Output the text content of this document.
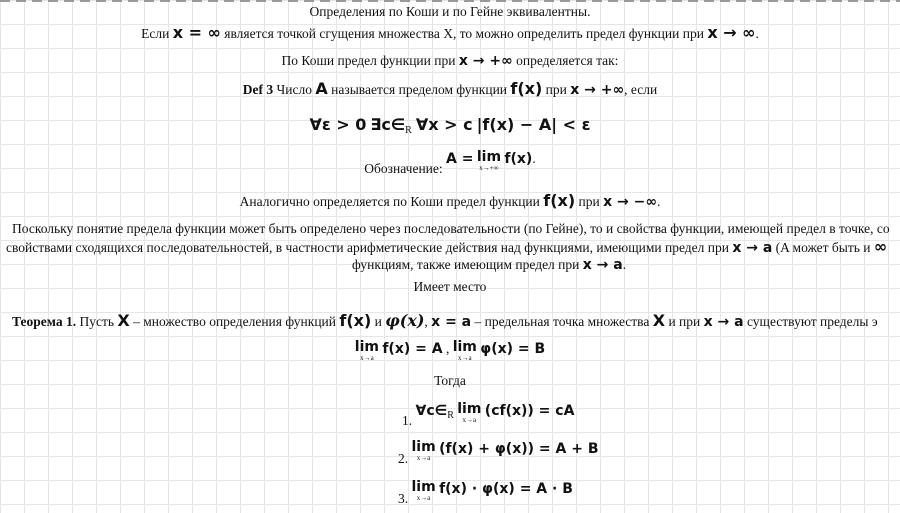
Определения по Коши и по Гейне эквивалентны.
Если x = ∞ является точкой сгущения множества X, то можно определить предел функции при x → ∞.
По Коши предел функции при x → +∞ определяется так:
Def 3 Число A называется пределом функции f(x) при x → +∞, если
∀ε > 0 $\exists c\in_R$ ∀x > c |f(x) − A| < ε
Обозначение: A = lim
x→+∞
f(x).
Аналогично определяется по Коши предел функции f(x) при x → −∞.
Поскольку понятие предела функции может быть определено через последовательности (по Гейне), то и свойства функции, имеющей предел в точке, со
свойствами сходящихся последовательностей, в частности арифметические действия над функциями, имеющими предел при x → a (A может быть и ∞
функциям, также имеющим предел при x → a.
Имеет место
Теорема 1. Пусть X – множество определения функций f(x) и φ(x), x = a – предельная точка множества X и при x → a существуют пределы э
lim
x→a
f(x) = A , lim
x→a
φ(x) = B
Тогда
1. $\forall c\in_R$ lim
x→a
(cf(x)) = cA
2.
lim
x→a
(f(x) + φ(x)) = A + B
3.
lim
x→a
f(x) · φ(x) = A · B
